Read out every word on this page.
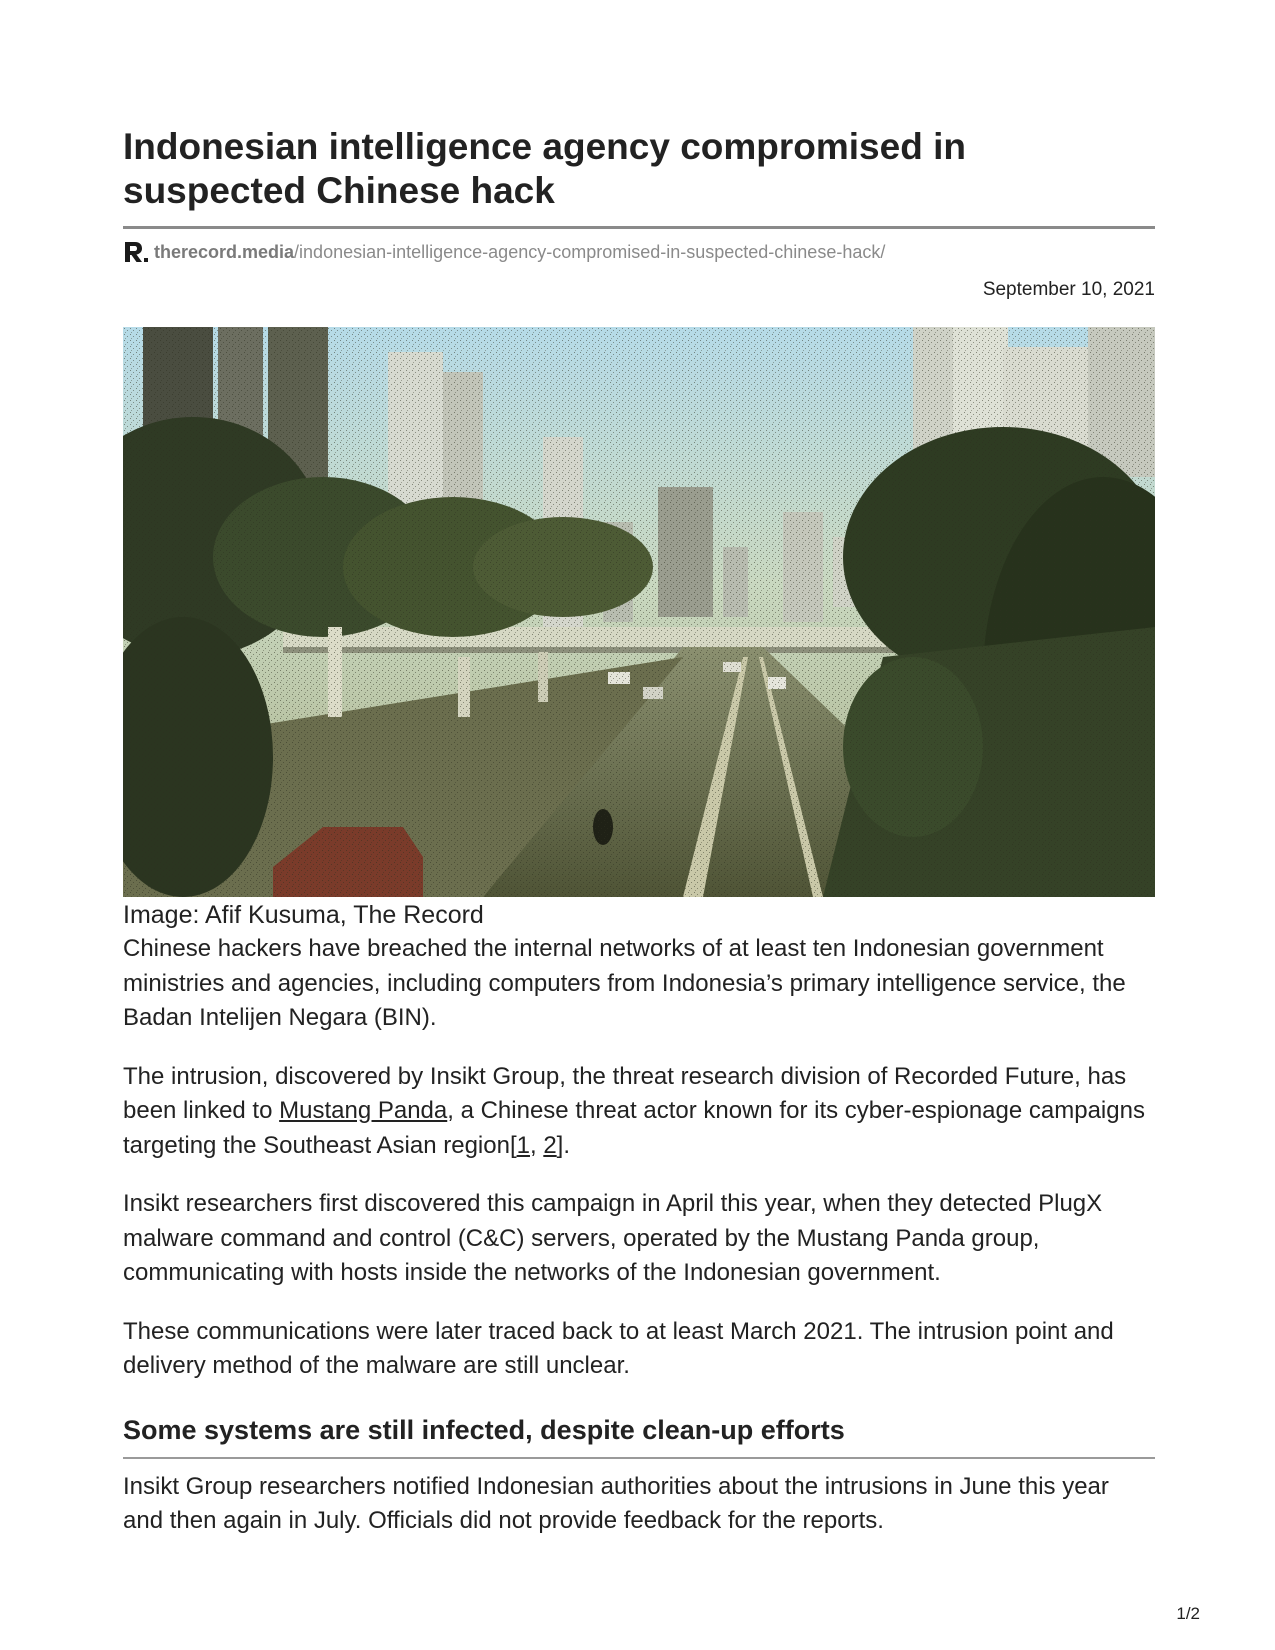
Indonesian intelligence agency compromised in suspected Chinese hack
therecord.media /indonesian-intelligence-agency-compromised-in-suspected-chinese-hack/
September 10, 2021
Image: Afif Kusuma, The Record

Chinese hackers have breached the internal networks of at least ten Indonesian government ministries and agencies, including computers from Indonesia’s primary intelligence service, the Badan Intelijen Negara (BIN).

The intrusion, discovered by Insikt Group, the threat research division of Recorded Future, has been linked to Mustang Panda, a Chinese threat actor known for its cyber-espionage campaigns targeting the Southeast Asian region[1, 2].

Insikt researchers first discovered this campaign in April this year, when they detected PlugX malware command and control (C&C) servers, operated by the Mustang Panda group, communicating with hosts inside the networks of the Indonesian government.

These communications were later traced back to at least March 2021. The intrusion point and delivery method of the malware are still unclear.

Some systems are still infected, despite clean-up efforts

Insikt Group researchers notified Indonesian authorities about the intrusions in June this year and then again in July. Officials did not provide feedback for the reports.

1/2
